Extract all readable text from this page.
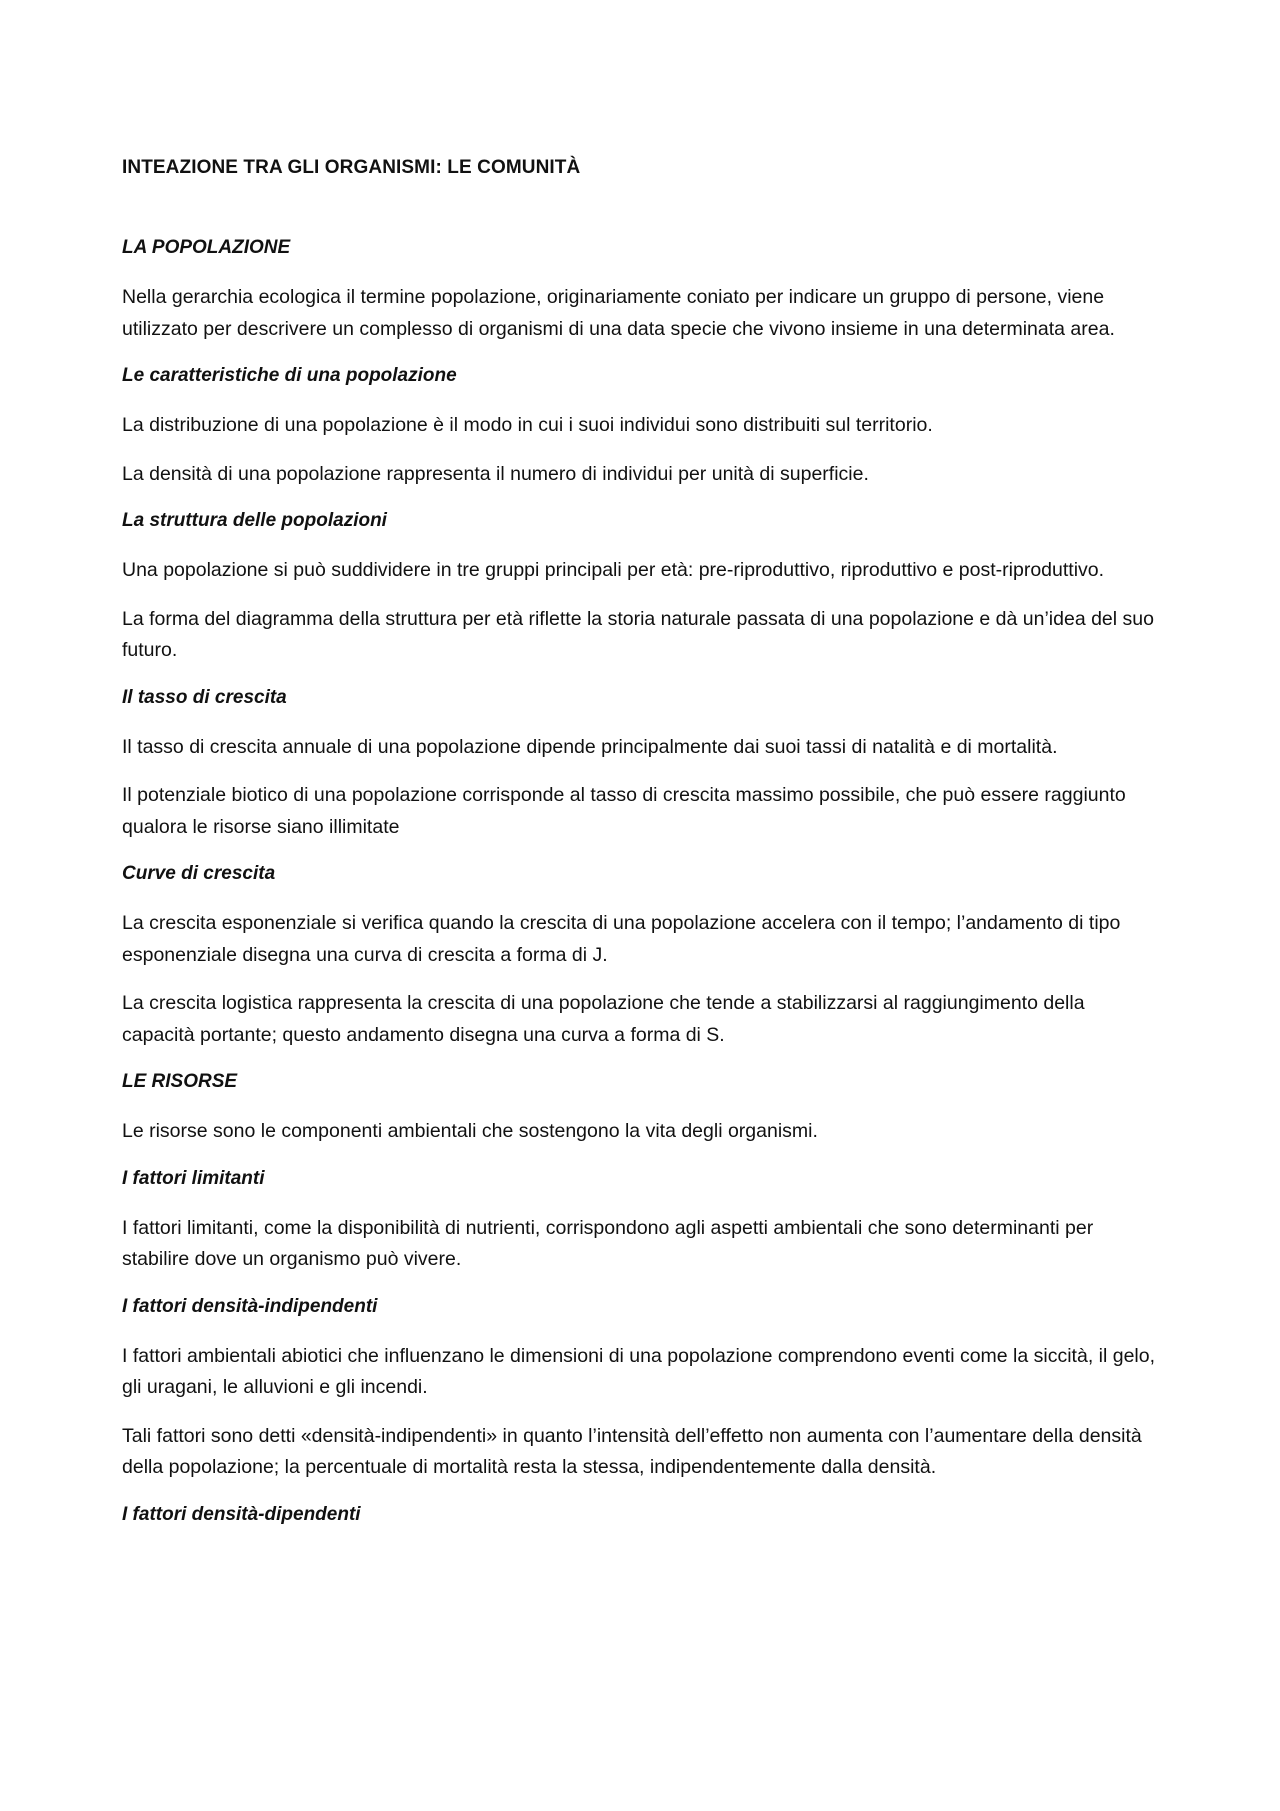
INTEAZIONE TRA GLI ORGANISMI: LE COMUNITÀ
LA POPOLAZIONE

Nella gerarchia ecologica il termine popolazione, originariamente coniato per indicare un gruppo di persone, viene utilizzato per descrivere un complesso di organismi di una data specie che vivono insieme in una determinata area.

Le caratteristiche di una popolazione

La distribuzione di una popolazione è il modo in cui i suoi individui sono distribuiti sul territorio.

La densità di una popolazione rappresenta il numero di individui per unità di superficie.

La struttura delle popolazioni

Una popolazione si può suddividere in tre gruppi principali per età: pre-riproduttivo, riproduttivo e post-riproduttivo.

La forma del diagramma della struttura per età riflette la storia naturale passata di una popolazione e dà un’idea del suo futuro.

Il tasso di crescita

Il tasso di crescita annuale di una popolazione dipende principalmente dai suoi tassi di natalità e di mortalità.

Il potenziale biotico di una popolazione corrisponde al tasso di crescita massimo possibile, che può essere raggiunto qualora le risorse siano illimitate

Curve di crescita

La crescita esponenziale si verifica quando la crescita di una popolazione accelera con il tempo; l’andamento di tipo esponenziale disegna una curva di crescita a forma di J.

La crescita logistica rappresenta la crescita di una popolazione che tende a stabilizzarsi al raggiungimento della capacità portante; questo andamento disegna una curva a forma di S.

LE RISORSE

Le risorse sono le componenti ambientali che sostengono la vita degli organismi.

I fattori limitanti

I fattori limitanti, come la disponibilità di nutrienti, corrispondono agli aspetti ambientali che sono determinanti per stabilire dove un organismo può vivere.

I fattori densità-indipendenti

I fattori ambientali abiotici che influenzano le dimensioni di una popolazione comprendono eventi come la siccità, il gelo, gli uragani, le alluvioni e gli incendi.

Tali fattori sono detti «densità-indipendenti» in quanto l’intensità dell’effetto non aumenta con l’aumentare della densità della popolazione; la percentuale di mortalità resta la stessa, indipendentemente dalla densità.

I fattori densità-dipendenti
